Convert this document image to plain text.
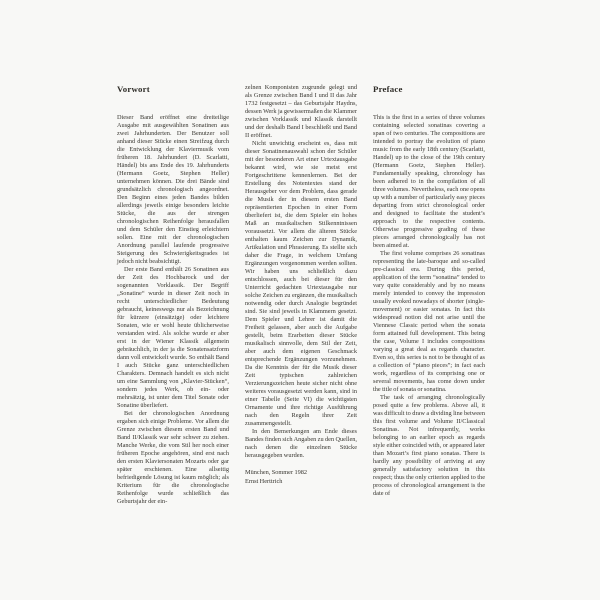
Vorwort

Dieser Band eröffnet eine dreiteilige Ausgabe mit ausgewählten Sonatinen aus zwei Jahrhunderten. Der Benutzer soll anhand dieser Stücke einen Streifzug durch die Entwicklung der Klaviermusik vom früheren 18. Jahrhundert (D. Scarlatti, Händel) bis ans Ende des 19. Jahrhunderts (Hermann Goetz, Stephen Heller) unternehmen können. Die drei Bände sind grundsätzlich chronologisch angeordnet. Den Beginn eines jeden Bandes bilden allerdings jeweils einige besonders leichte Stücke, die aus der strengen chronologischen Reihenfolge herausfallen und dem Schüler den Einstieg erleichtern sollen. Eine mit der chronologischen Anordnung parallel laufende progressive Steigerung des Schwierigkeitsgrades ist jedoch nicht beabsichtigt.

Der erste Band enthält 26 Sonatinen aus der Zeit des Hochbarock und der sogenannten Vorklassik. Der Begriff „Sonatine“ wurde in dieser Zeit noch in recht unterschiedlicher Bedeutung gebraucht, keineswegs nur als Bezeichnung für kürzere (einsätzige) oder leichtere Sonaten, wie er wohl heute üblicherweise verstanden wird. Als solche wurde er aber erst in der Wiener Klassik allgemein gebräuchlich, in der ja die Sonatensatzform dann voll entwickelt wurde. So enthält Band I auch Stücke ganz unterschiedlichen Charakters. Demnach handelt es sich nicht um eine Sammlung von „Klavier-Stücken“, sondern jedes Werk, ob ein- oder mehrsätzig, ist unter dem Titel Sonate oder Sonatine überliefert.

Bei der chronologischen Anordnung ergaben sich einige Probleme. Vor allem die Grenze zwischen diesem ersten Band und Band II/Klassik war sehr schwer zu ziehen. Manche Werke, die vom Stil her noch einer früheren Epoche angehören, sind erst nach den ersten Klaviersonaten Mozarts oder gar später erschienen. Eine allseitig befriedigende Lösung ist kaum möglich; als Kriterium für die chronologische Reihenfolge wurde schließlich das Geburtsjahr der ein-

zelnen Komponisten zugrunde gelegt und als Grenze zwischen Band I und II das Jahr 1732 festgesetzt – das Geburtsjahr Haydns, dessen Werk ja gewissermaßen die Klammer zwischen Vorklassik und Klassik darstellt und der deshalb Band I beschließt und Band II eröffnet.

Nicht unwichtig erscheint es, dass mit dieser Sonatinenauswahl schon der Schüler mit der besonderen Art einer Urtextausgabe bekannt wird, wie sie meist erst Fortgeschrittene kennenlernen. Bei der Erstellung des Notentextes stand der Herausgeber vor dem Problem, dass gerade die Musik der in diesem ersten Band repräsentierten Epochen in einer Form überliefert ist, die dem Spieler ein hohes Maß an musikalischen Stilkenntnissen voraussetzt. Vor allem die älteren Stücke enthalten kaum Zeichen zur Dynamik, Artikulation und Phrasierung. Es stellte sich daher die Frage, in welchem Umfang Ergänzungen vorgenommen werden sollten. Wir haben uns schließlich dazu entschlossen, auch bei dieser für den Unterricht gedachten Urtextausgabe nur solche Zeichen zu ergänzen, die musikalisch notwendig oder durch Analogie begründet sind. Sie sind jeweils in Klammern gesetzt. Dem Spieler und Lehrer ist damit die Freiheit gelassen, aber auch die Aufgabe gestellt, beim Erarbeiten dieser Stücke musikalisch sinnvolle, dem Stil der Zeit, aber auch dem eigenen Geschmack entsprechende Ergänzungen vorzunehmen. Da die Kenntnis der für die Musik dieser Zeit typischen zahlreichen Verzierungszeichen heute sicher nicht ohne weiteres vorausgesetzt werden kann, sind in einer Tabelle (Seite VI) die wichtigsten Ornamente und ihre richtige Ausführung nach den Regeln ihrer Zeit zusammengestellt.

In den Bemerkungen am Ende dieses Bandes finden sich Angaben zu den Quellen, nach denen die einzelnen Stücke herausgegeben wurden.

München, Sommer 1982
Ernst Herttrich
Preface

This is the first in a series of three volumes containing selected sonatinas covering a span of two centuries. The compositions are intended to portray the evolution of piano music from the early 18th century (Scarlatti, Handel) up to the close of the 19th century (Hermann Goetz, Stephen Heller). Fundamentally speaking, chronology has been adhered to in the compilation of all three volumes. Nevertheless, each one opens up with a number of particularly easy pieces departing from strict chronological order and designed to facilitate the student’s approach to the respective contents. Otherwise progressive grading of these pieces arranged chronologically has not been aimed at.

The first volume comprises 26 sonatinas representing the late-baroque and so-called pre-classical era. During this period, application of the term “sonatina” tended to vary quite considerably and by no means merely intended to convey the impression usually evoked nowadays of shorter (single-movement) or easier sonatas. In fact this widespread notion did not arise until the Viennese Classic period when the sonata form attained full development. This being the case, Volume I includes compositions varying a great deal as regards character. Even so, this series is not to be thought of as a collection of “piano pieces”; in fact each work, regardless of its comprising one or several movements, has come down under the title of sonata or sonatina.

The task of arranging chronologically posed quite a few problems. Above all, it was difficult to draw a dividing line between this first volume and Volume II/Classical Sonatinas. Not infrequently, works belonging to an earlier epoch as regards style either coincided with, or appeared later than Mozart’s first piano sonatas. There is hardly any possibility of arriving at any generally satisfactory solution in this respect; thus the only criterion applied to the process of chronological arrangement is the date of
